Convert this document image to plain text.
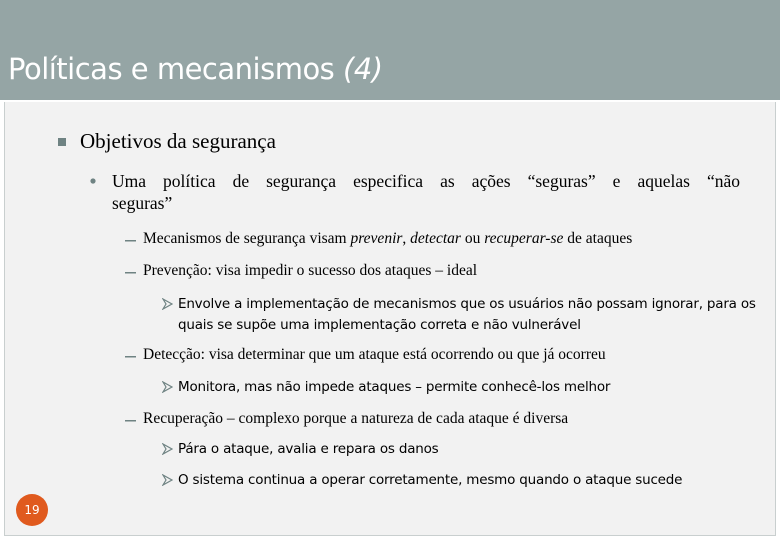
Políticas e mecanismos (4)
Objetivos da segurança
Uma política de segurança especifica as ações “seguras” e aquelas “não
seguras”
Mecanismos de segurança visam prevenir, detectar ou recuperar-se de ataques
Prevenção: visa impedir o sucesso dos ataques – ideal
Envolve a implementação de mecanismos que os usuários não possam ignorar, para os
quais se supõe uma implementação correta e não vulnerável
Detecção: visa determinar que um ataque está ocorrendo ou que já ocorreu
Monitora, mas não impede ataques – permite conhecê-los melhor
Recuperação – complexo porque a natureza de cada ataque é diversa
Pára o ataque, avalia e repara os danos
O sistema continua a operar corretamente, mesmo quando o ataque sucede
19
